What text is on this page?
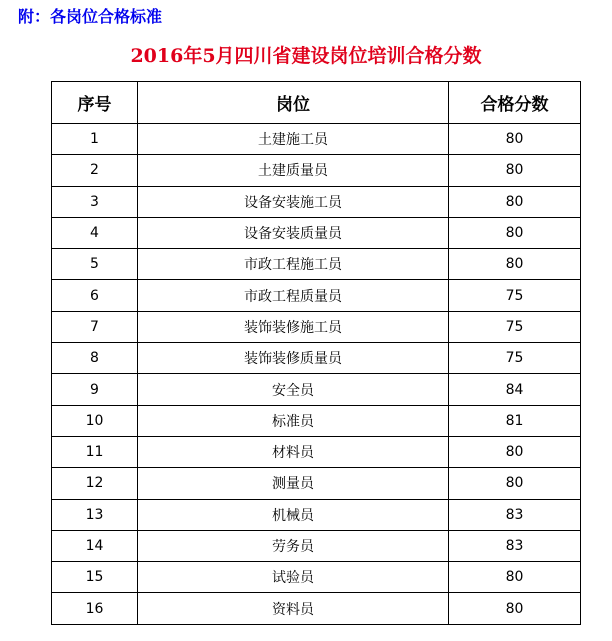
附：各岗位合格标准
2016年5月四川省建设岗位培训合格分数
序号	岗位	合格分数
1	土建施工员	80
2	土建质量员	80
3	设备安装施工员	80
4	设备安装质量员	80
5	市政工程施工员	80
6	市政工程质量员	75
7	装饰装修施工员	75
8	装饰装修质量员	75
9	安全员	84
10	标准员	81
11	材料员	80
12	测量员	80
13	机械员	83
14	劳务员	83
15	试验员	80
16	资料员	80
